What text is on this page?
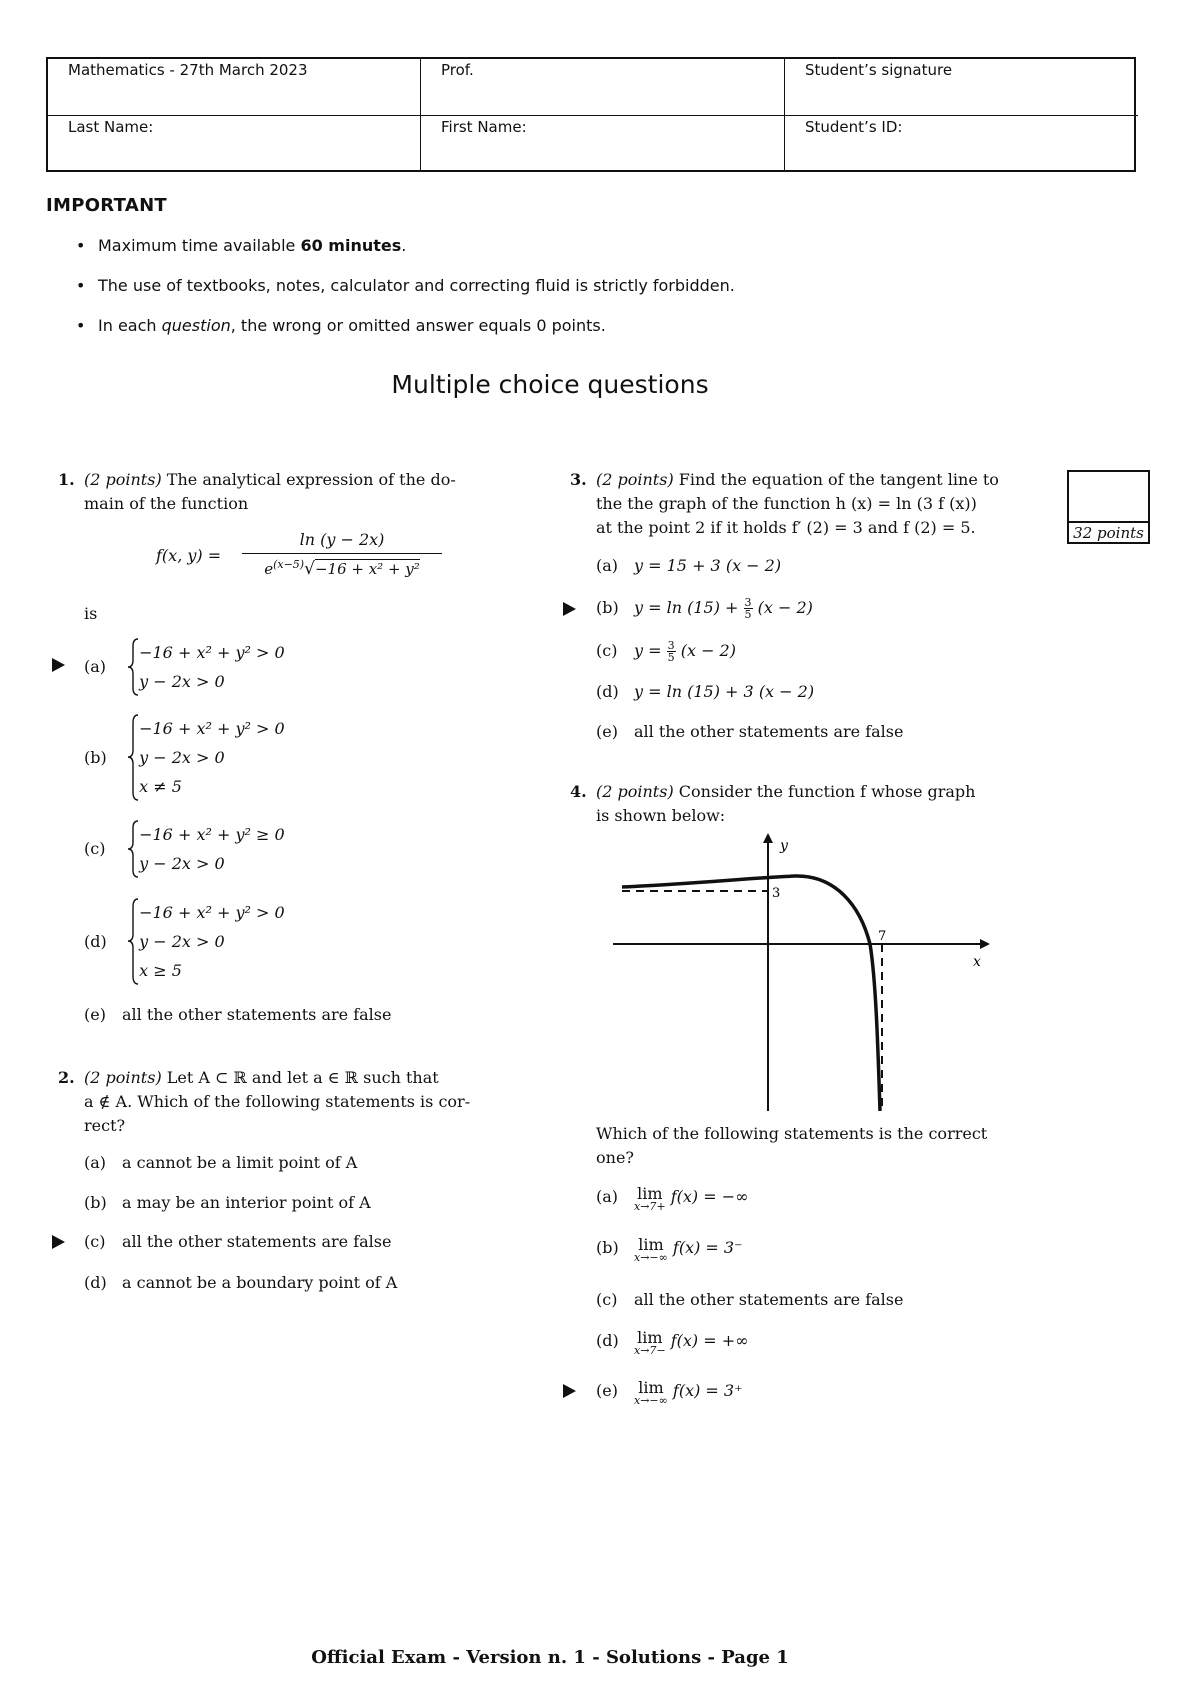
Mathematics - 27th March 2023	Prof.	Student’s signature
Last Name:	First Name:	Student’s ID:
IMPORTANT
• Maximum time available 60 minutes.
• The use of textbooks, notes, calculator and correcting fluid is strictly forbidden.
• In each question, the wrong or omitted answer equals 0 points.
Multiple choice questions
32 points
1. (2 points) The analytical expression of the do-
main of the function
f(x, y) =
ln (y − 2x)
$e^{(x-5)}√-16 + x^2 + y^2$
is
(a)
−16 + x² + y² > 0
y − 2x > 0
(b)
−16 + x² + y² > 0
y − 2x > 0
x ≠ 5
(c)
−16 + x² + y² ≥ 0
y − 2x > 0
(d)
−16 + x² + y² > 0
y − 2x > 0
x ≥ 5
(e) all the other statements are false
2. (2 points) Let A ⊂ ℝ and let a ∈ ℝ such that
a ∉ A. Which of the following statements is cor-
rect?
(a) a cannot be a limit point of A
(b) a may be an interior point of A
(c) all the other statements are false
(d) a cannot be a boundary point of A
3. (2 points) Find the equation of the tangent line to
the the graph of the function h (x) = ln (3 f (x))
at the point 2 if it holds f′ (2) = 3 and f (2) = 5.
(a) y = 15 + 3 (x − 2)
(b) $y = \ln (15) + \frac{3}{5} (x - 2)$
(c) $y = \frac{3}{5} (x - 2)$
(d) y = ln (15) + 3 (x − 2)
(e) all the other statements are false
4. (2 points) Consider the function f whose graph
is shown below:
y
x
3
7
Which of the following statements is the correct
one?
(a) lim
x→7+
f(x) = −∞
(b) lim
x→−∞
f(x) = 3⁻
(c) all the other statements are false
(d) lim
x→7−
f(x) = +∞
(e) lim
x→−∞
f(x) = 3⁺
Official Exam - Version n. 1 - Solutions - Page 1
